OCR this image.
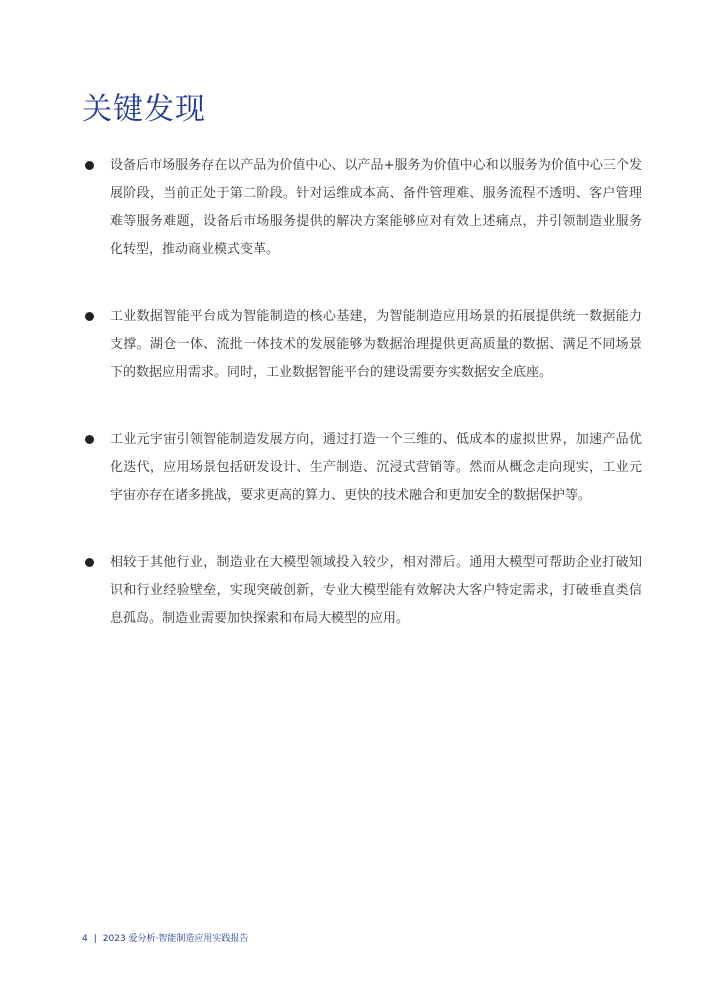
关键发现
设备后市场服务存在以产品为价值中心、以产品+服务为价值中心和以服务为价值中心三个发展阶段，当前正处于第二阶段。针对运维成本高、备件管理难、服务流程不透明、客户管理难等服务难题，设备后市场服务提供的解决方案能够应对有效上述痛点，并引领制造业服务化转型，推动商业模式变革。
工业数据智能平台成为智能制造的核心基建，为智能制造应用场景的拓展提供统一数据能力支撑。湖仓一体、流批一体技术的发展能够为数据治理提供更高质量的数据、满足不同场景下的数据应用需求。同时，工业数据智能平台的建设需要夯实数据安全底座。
工业元宇宙引领智能制造发展方向，通过打造一个三维的、低成本的虚拟世界，加速产品优化迭代，应用场景包括研发设计、生产制造、沉浸式营销等。然而从概念走向现实，工业元宇宙亦存在诸多挑战，要求更高的算力、更快的技术融合和更加安全的数据保护等。
相较于其他行业，制造业在大模型领域投入较少，相对滞后。通用大模型可帮助企业打破知识和行业经验壁垒，实现突破创新，专业大模型能有效解决大客户特定需求，打破垂直类信息孤岛。制造业需要加快探索和布局大模型的应用。
4 | 2023 爱分析·智能制造应用实践报告
